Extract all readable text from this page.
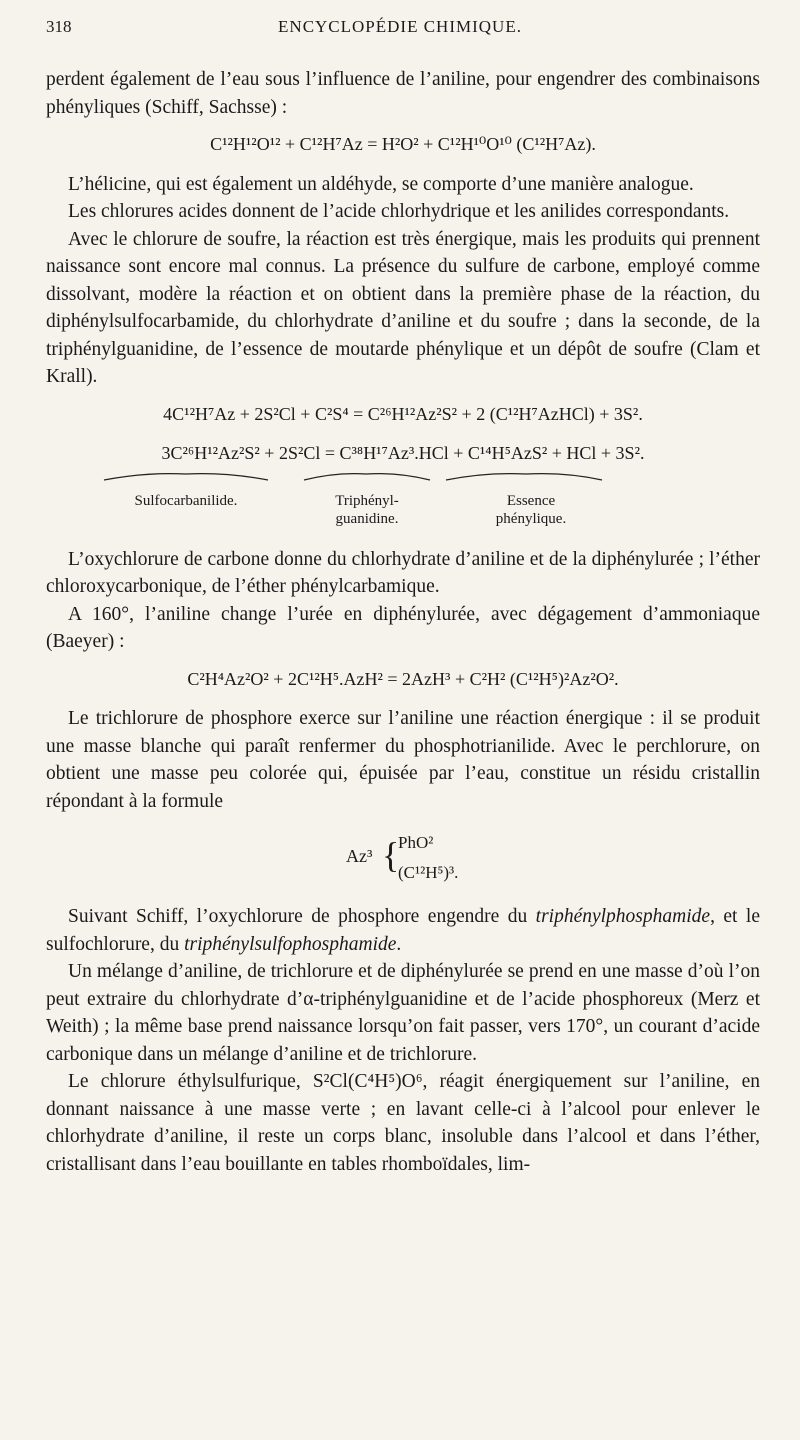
318	ENCYCLOPÉDIE CHIMIQUE.

perdent également de l’eau sous l’influence de l’aniline, pour engendrer des combinaisons phényliques (Schiff, Sachsse) :

C¹²H¹²O¹² + C¹²H⁷Az = H²O² + C¹²H¹⁰O¹⁰ (C¹²H⁷Az).

L’hélicine, qui est également un aldéhyde, se comporte d’une manière analogue.

Les chlorures acides donnent de l’acide chlorhydrique et les anilides correspondants.

Avec le chlorure de soufre, la réaction est très énergique, mais les produits qui prennent naissance sont encore mal connus. La présence du sulfure de carbone, employé comme dissolvant, modère la réaction et on obtient dans la première phase de la réaction, du diphénylsulfocarbamide, du chlorhydrate d’aniline et du soufre ; dans la seconde, de la triphénylguanidine, de l’essence de moutarde phénylique et un dépôt de soufre (Clam et Krall).

4C¹²H⁷Az + 2S²Cl + C²S⁴ = C²⁶H¹²Az²S² + 2 (C¹²H⁷AzHCl) + 3S².

3C²⁶H¹²Az²S² + 2S²Cl = C³⁸H¹⁷Az³.HCl + C¹⁴H⁵AzS² + HCl + 3S².

Sulfocarbanilide.	Triphényl-
guanidine.
Essence
phénylique.

L’oxychlorure de carbone donne du chlorhydrate d’aniline et de la diphénylurée ; l’éther chloroxycarbonique, de l’éther phénylcarbamique.

A 160°, l’aniline change l’urée en diphénylurée, avec dégagement d’ammoniaque (Baeyer) :

C²H⁴Az²O² + 2C¹²H⁵.AzH² = 2AzH³ + C²H² (C¹²H⁵)²Az²O².

Le trichlorure de phosphore exerce sur l’aniline une réaction énergique : il se produit une masse blanche qui paraît renfermer du phosphotrianilide. Avec le perchlorure, on obtient une masse peu colorée qui, épuisée par l’eau, constitue un résidu cristallin répondant à la formule

Az³ {
PhO²
(C¹²H⁵)³.

Suivant Schiff, l’oxychlorure de phosphore engendre du triphénylphosphamide, et le sulfochlorure, du triphénylsulfophosphamide.

Un mélange d’aniline, de trichlorure et de diphénylurée se prend en une masse d’où l’on peut extraire du chlorhydrate d’α-triphénylguanidine et de l’acide phosphoreux (Merz et Weith) ; la même base prend naissance lorsqu’on fait passer, vers 170°, un courant d’acide carbonique dans un mélange d’aniline et de trichlorure.

Le chlorure éthylsulfurique, S²Cl(C⁴H⁵)O⁶, réagit énergiquement sur l’aniline, en donnant naissance à une masse verte ; en lavant celle-ci à l’alcool pour enlever le chlorhydrate d’aniline, il reste un corps blanc, insoluble dans l’alcool et dans l’éther, cristallisant dans l’eau bouillante en tables rhomboïdales, lim-
